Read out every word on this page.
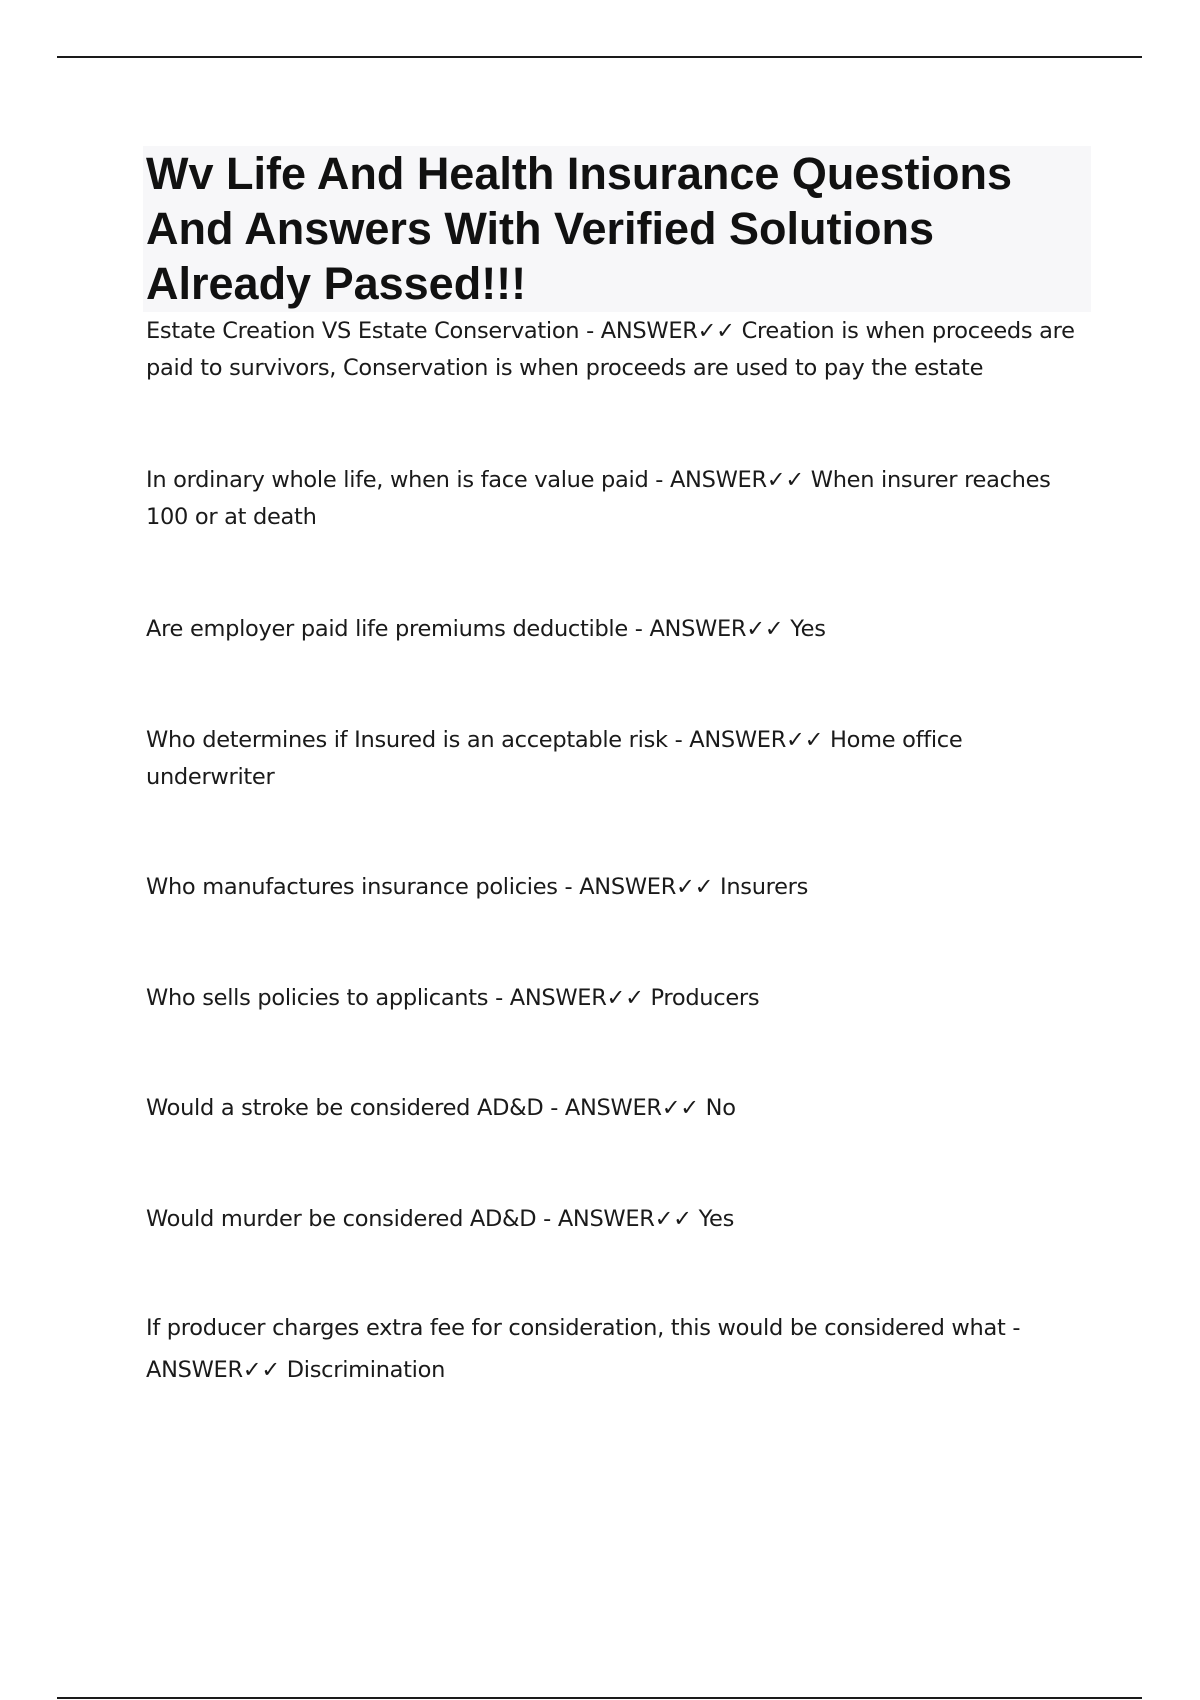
Wv Life And Health Insurance Questions And Answers With Verified Solutions Already Passed!!!

Estate Creation VS Estate Conservation - ANSWER✓✓ Creation is when proceeds are paid to survivors, Conservation is when proceeds are used to pay the estate

In ordinary whole life, when is face value paid - ANSWER✓✓ When insurer reaches 100 or at death

Are employer paid life premiums deductible - ANSWER✓✓ Yes

Who determines if Insured is an acceptable risk - ANSWER✓✓ Home office underwriter

Who manufactures insurance policies - ANSWER✓✓ Insurers

Who sells policies to applicants - ANSWER✓✓ Producers

Would a stroke be considered AD&D - ANSWER✓✓ No

Would murder be considered AD&D - ANSWER✓✓ Yes

If producer charges extra fee for consideration, this would be considered what - ANSWER✓✓ Discrimination
